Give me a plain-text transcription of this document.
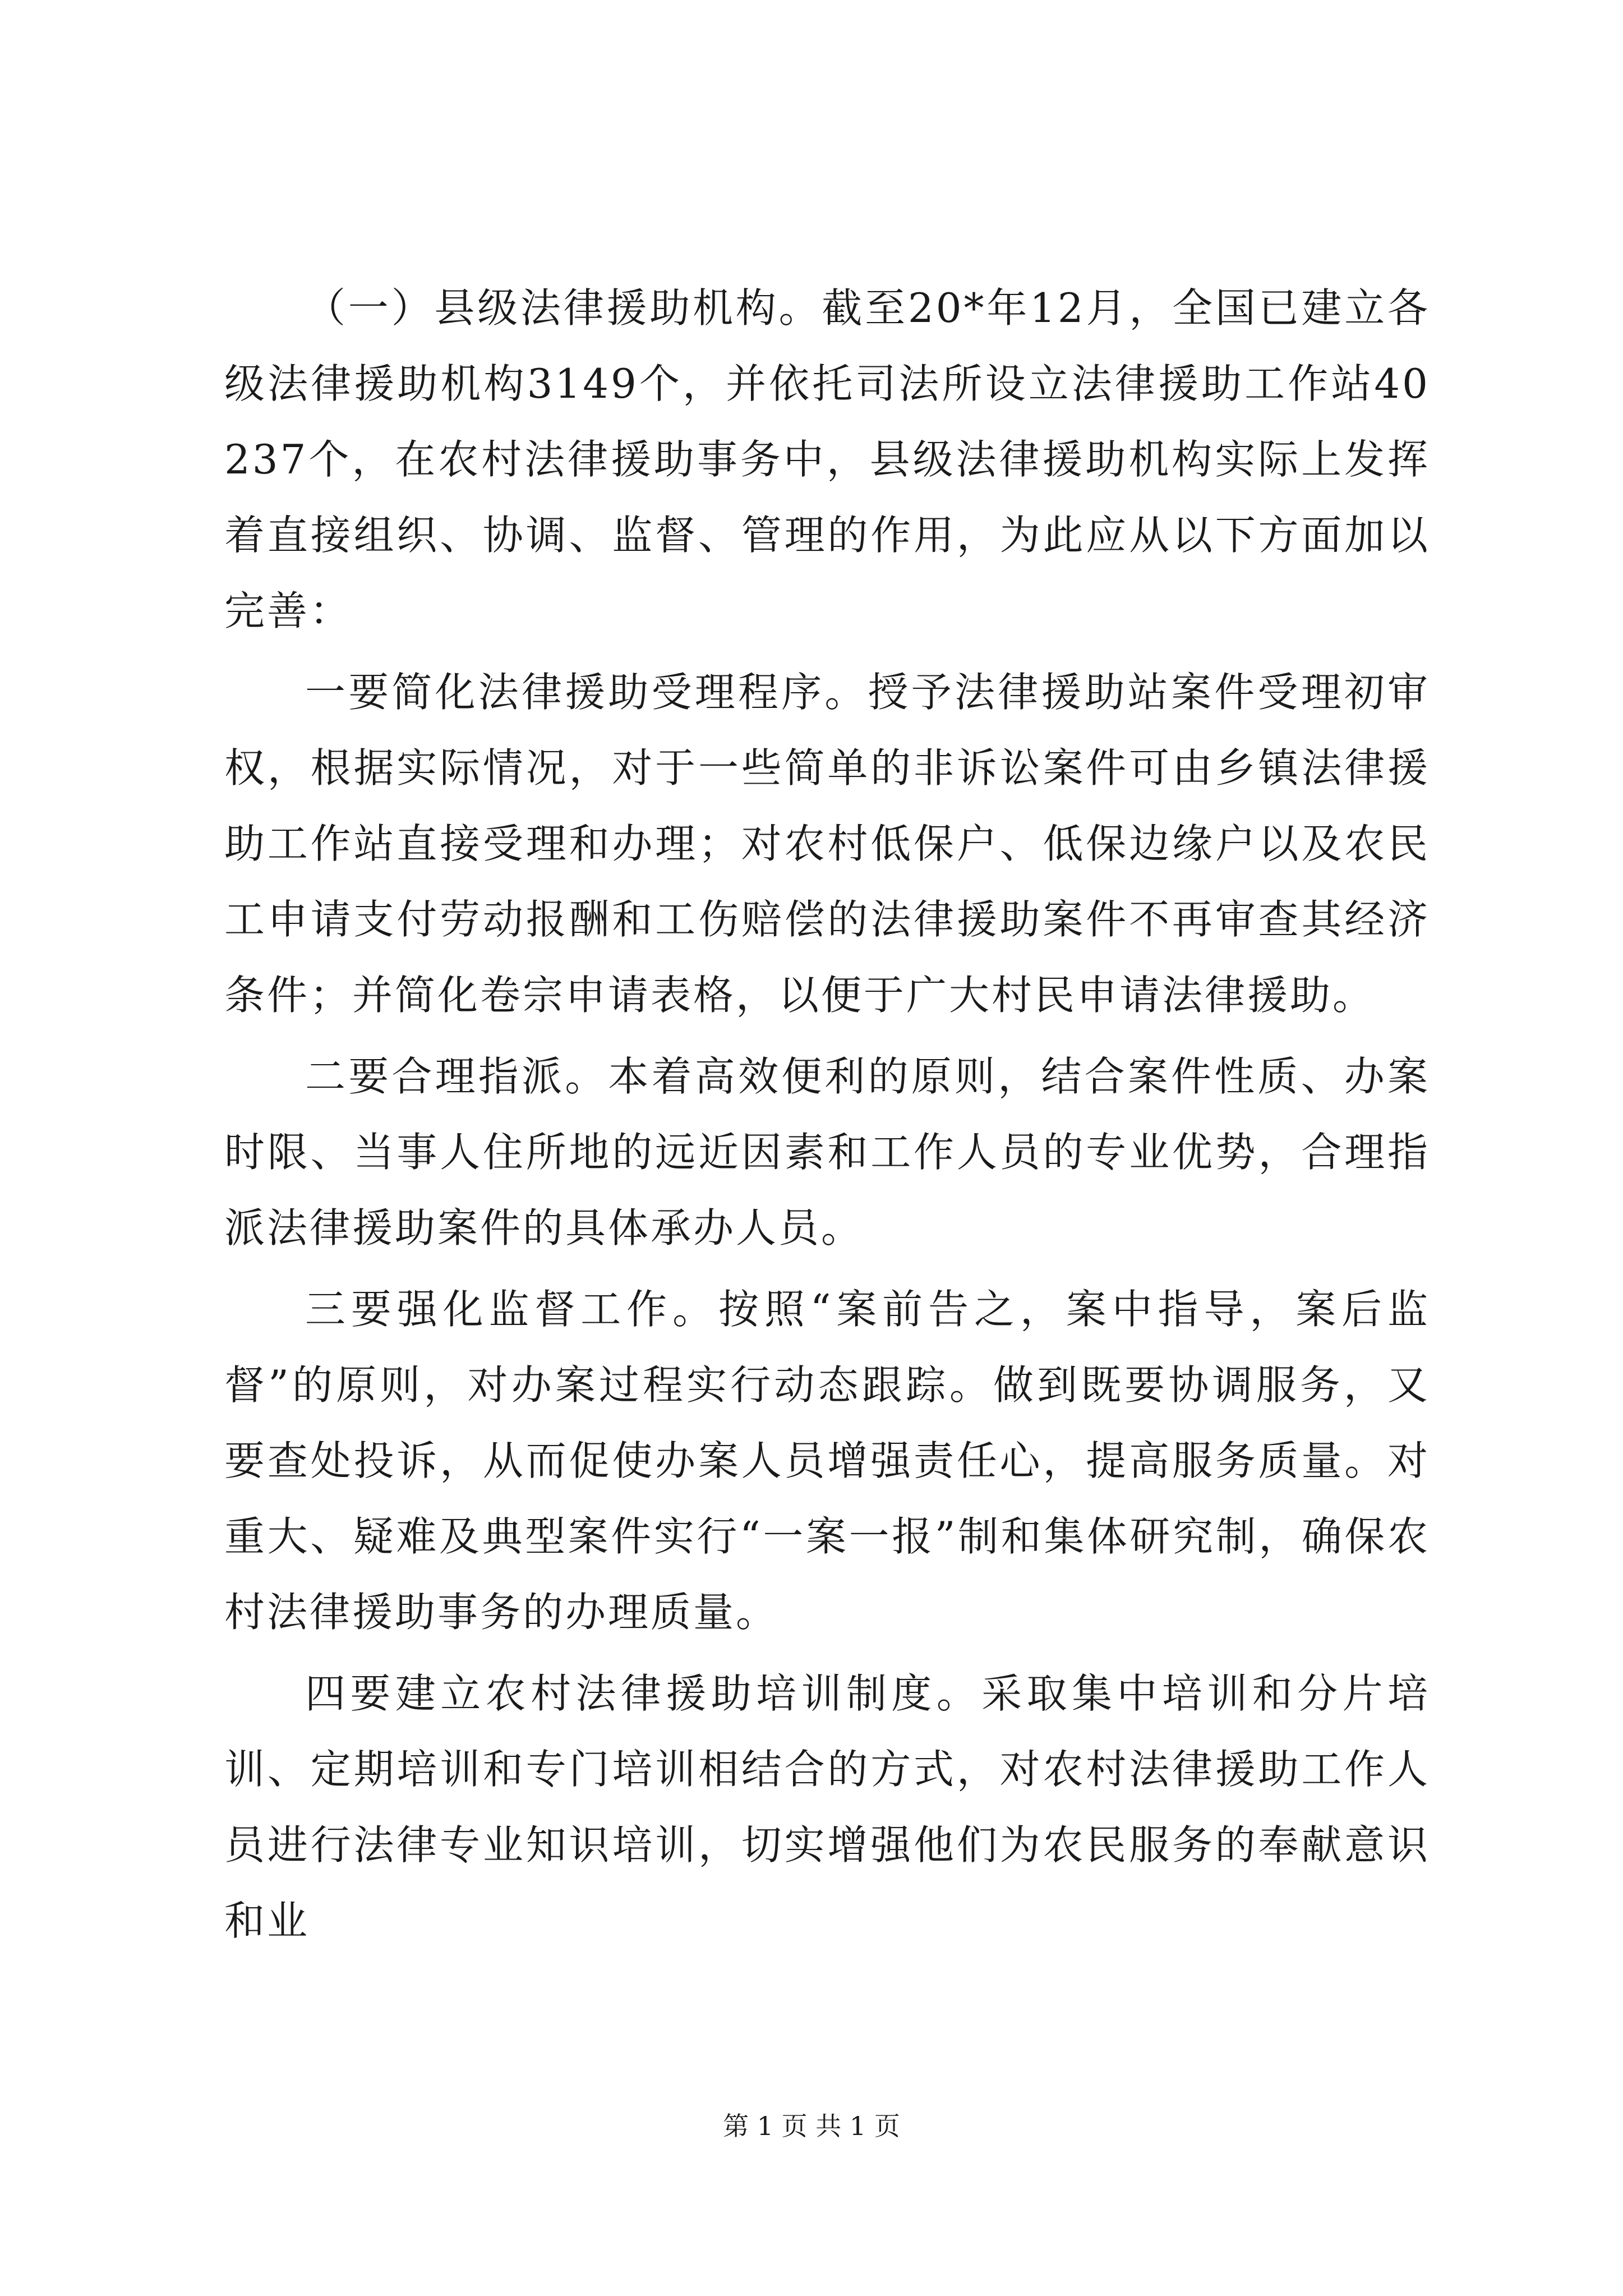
（一）县级法律援助机构。截至20*年12月，全国已建立各级法律援助机构3149个，并依托司法所设立法律援助工作站40237个，在农村法律援助事务中，县级法律援助机构实际上发挥着直接组织、协调、监督、管理的作用，为此应从以下方面加以完善：

一要简化法律援助受理程序。授予法律援助站案件受理初审权，根据实际情况，对于一些简单的非诉讼案件可由乡镇法律援助工作站直接受理和办理；对农村低保户、低保边缘户以及农民工申请支付劳动报酬和工伤赔偿的法律援助案件不再审查其经济条件；并简化卷宗申请表格，以便于广大村民申请法律援助。

二要合理指派。本着高效便利的原则，结合案件性质、办案时限、当事人住所地的远近因素和工作人员的专业优势，合理指派法律援助案件的具体承办人员。

三要强化监督工作。按照“案前告之，案中指导，案后监督”的原则，对办案过程实行动态跟踪。做到既要协调服务，又要查处投诉，从而促使办案人员增强责任心，提高服务质量。对重大、疑难及典型案件实行“一案一报”制和集体研究制，确保农村法律援助事务的办理质量。

四要建立农村法律援助培训制度。采取集中培训和分片培训、定期培训和专门培训相结合的方式，对农村法律援助工作人员进行法律专业知识培训，切实增强他们为农民服务的奉献意识和业

第 1 页 共 1 页
